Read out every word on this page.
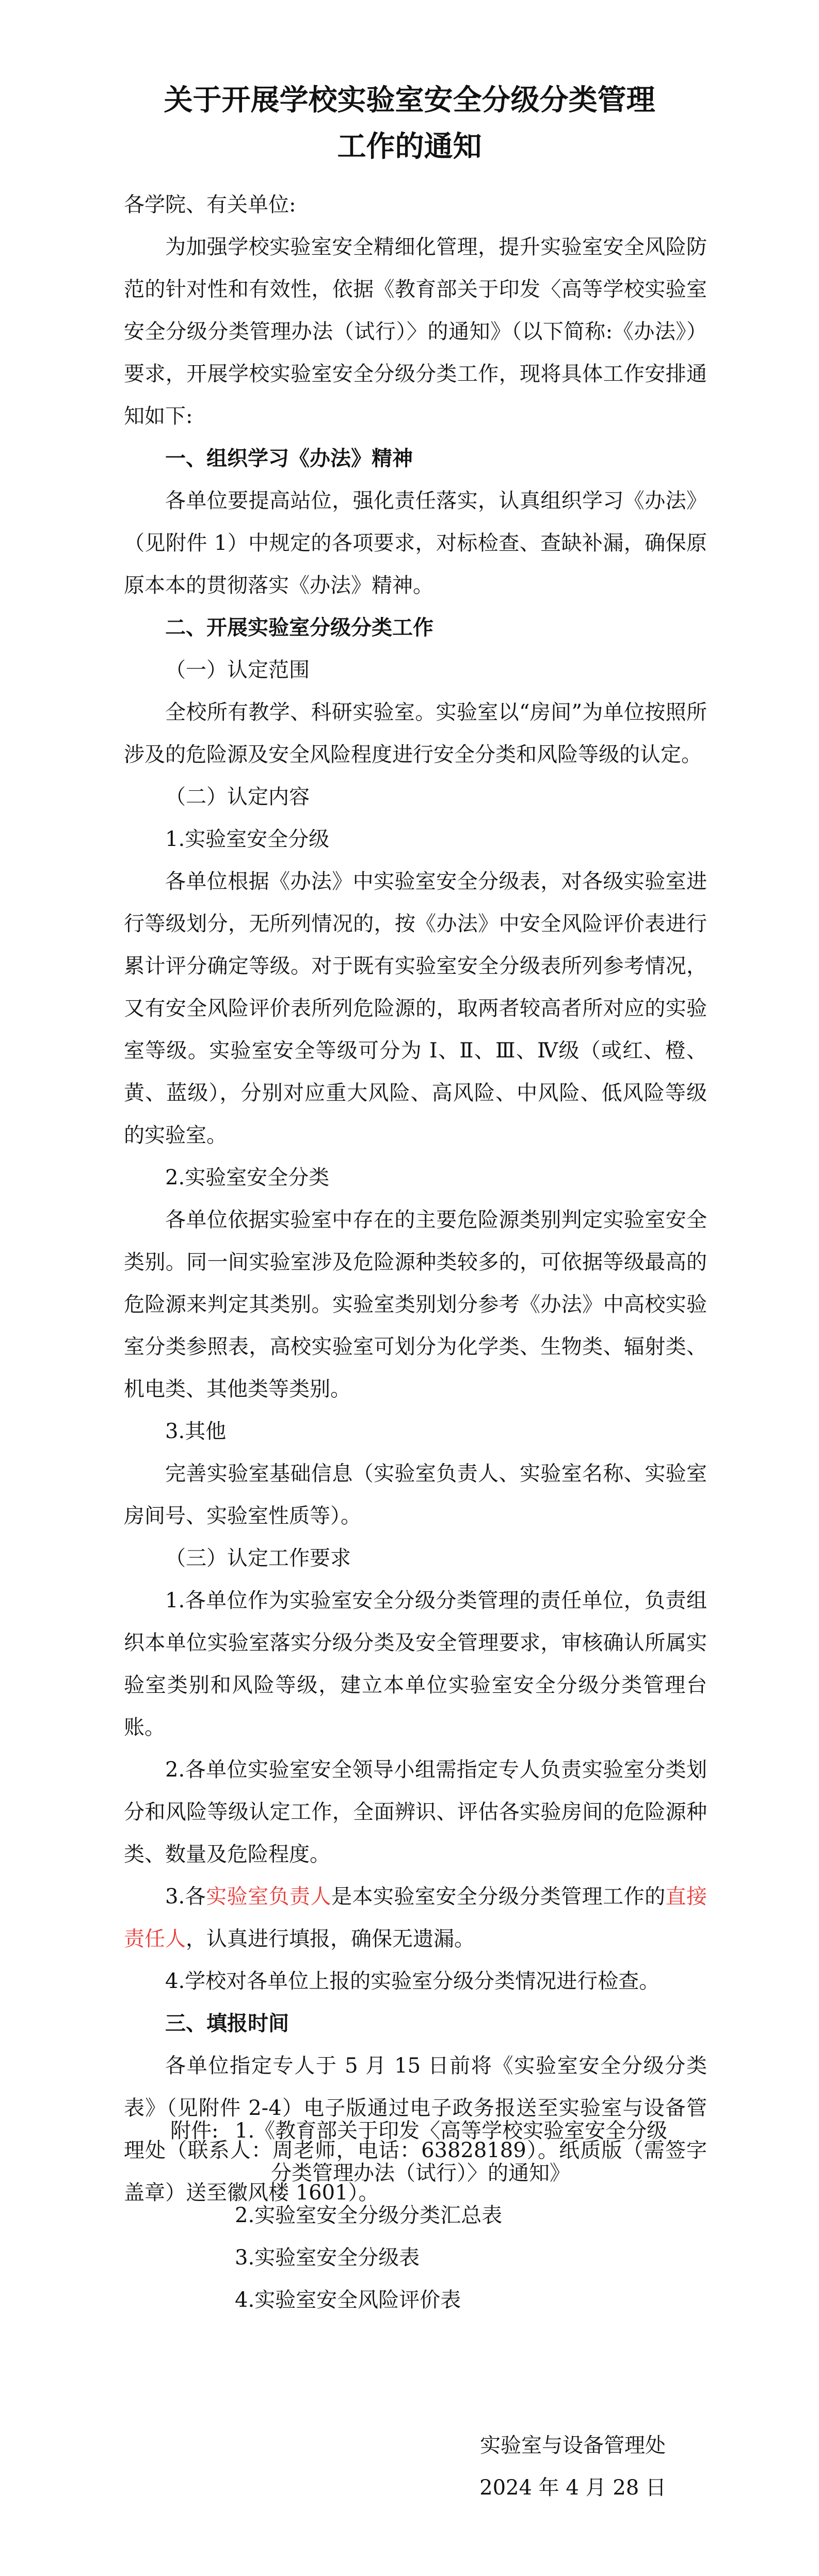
关于开展学校实验室安全分级分类管理
工作的通知

各学院、有关单位:

为加强学校实验室安全精细化管理，提升实验室安全风险防范的针对性和有效性，依据《教育部关于印发〈高等学校实验室安全分级分类管理办法（试行）〉的通知》（以下简称:《办法》）要求，开展学校实验室安全分级分类工作，现将具体工作安排通知如下:

一、组织学习《办法》精神

各单位要提高站位，强化责任落实，认真组织学习《办法》（见附件 1）中规定的各项要求，对标检查、查缺补漏，确保原原本本的贯彻落实《办法》精神。

二、开展实验室分级分类工作

（一）认定范围

全校所有教学、科研实验室。实验室以“房间”为单位按照所涉及的危险源及安全风险程度进行安全分类和风险等级的认定。

（二）认定内容

1.实验室安全分级

各单位根据《办法》中实验室安全分级表，对各级实验室进行等级划分，无所列情况的，按《办法》中安全风险评价表进行累计评分确定等级。对于既有实验室安全分级表所列参考情况，又有安全风险评价表所列危险源的，取两者较高者所对应的实验室等级。实验室安全等级可分为 Ⅰ、Ⅱ、Ⅲ、Ⅳ级（或红、橙、黄、蓝级），分别对应重大风险、高风险、中风险、低风险等级的实验室。

2.实验室安全分类

各单位依据实验室中存在的主要危险源类别判定实验室安全类别。同一间实验室涉及危险源种类较多的，可依据等级最高的危险源来判定其类别。实验室类别划分参考《办法》中高校实验室分类参照表，高校实验室可划分为化学类、生物类、辐射类、机电类、其他类等类别。

3.其他

完善实验室基础信息（实验室负责人、实验室名称、实验室房间号、实验室性质等）。

（三）认定工作要求

1.各单位作为实验室安全分级分类管理的责任单位，负责组织本单位实验室落实分级分类及安全管理要求，审核确认所属实验室类别和风险等级，建立本单位实验室安全分级分类管理台账。

2.各单位实验室安全领导小组需指定专人负责实验室分类划分和风险等级认定工作，全面辨识、评估各实验房间的危险源种类、数量及危险程度。

3.各实验室负责人是本实验室安全分级分类管理工作的直接责任人，认真进行填报，确保无遗漏。

4.学校对各单位上报的实验室分级分类情况进行检查。

三、填报时间

各单位指定专人于 5 月 15 日前将《实验室安全分级分类表》（见附件 2-4）电子版通过电子政务报送至实验室与设备管理处（联系人：周老师，电话：63828189）。纸质版（需签字盖章）送至徽风楼 1601）。

附件: 1.《教育部关于印发〈高等学校实验室安全分级
分类管理办法（试行）〉的通知》
2.实验室安全分级分类汇总表
3.实验室安全分级表
4.实验室安全风险评价表
实验室与设备管理处
2024 年 4 月 28 日
